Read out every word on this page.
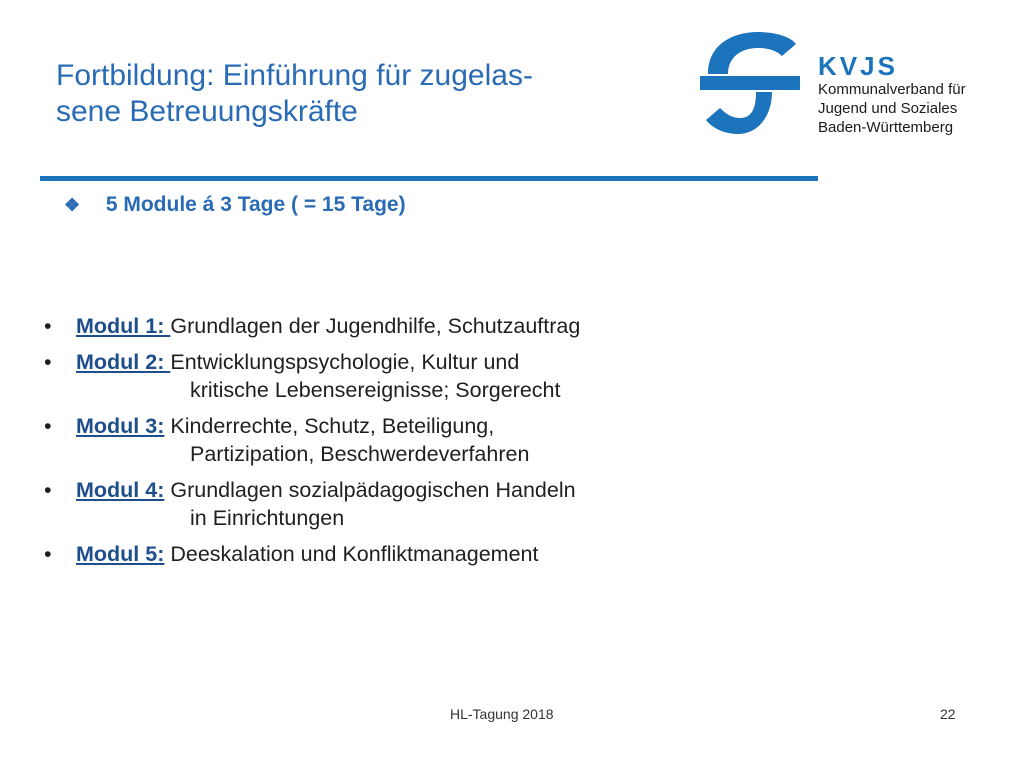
Fortbildung: Einführung für zugelas-
sene Betreuungskräfte
KVJS
Kommunalverband für
Jugend und Soziales
Baden-Württemberg
❖ 5 Module á 3 Tage ( = 15 Tage)
• Modul 1: Grundlagen der Jugendhilfe, Schutzauftrag
• Modul 2: Entwicklungspsychologie, Kultur und
kritische Lebensereignisse; Sorgerecht
• Modul 3: Kinderrechte, Schutz, Beteiligung,
Partizipation, Beschwerdeverfahren
• Modul 4: Grundlagen sozialpädagogischen Handeln
in Einrichtungen
• Modul 5: Deeskalation und Konfliktmanagement
HL-Tagung 2018	22
